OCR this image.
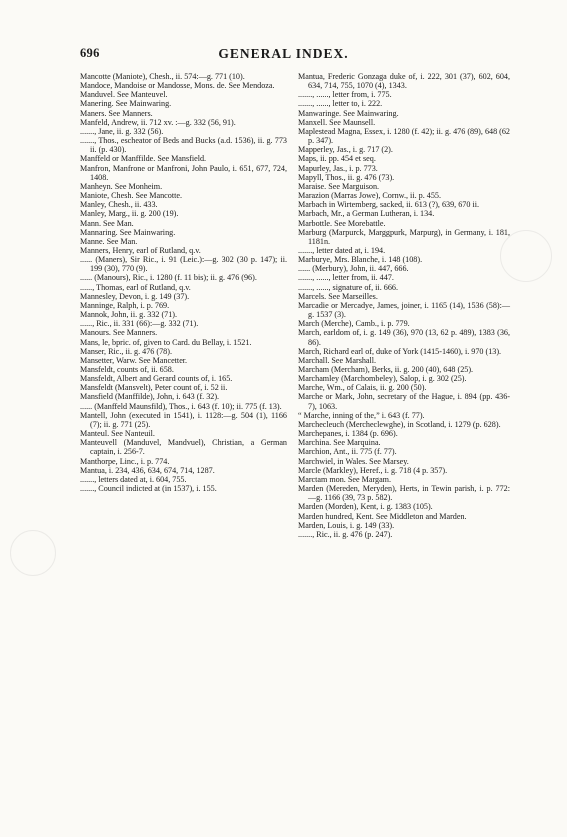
696	GENERAL INDEX.
Mancotte (Maniote), Chesh., ii. 574:—g. 771 (10).
Mandoce, Mandoise or Mandosse, Mons. de. See Mendoza.
Manduvel. See Manteuvel.
Manering. See Mainwaring.
Maners. See Manners.
Manfeld, Andrew, ii. 712 xv. :—g. 332 (56, 91).
......., Jane, ii. g. 332 (56).
......., Thos., escheator of Beds and Bucks (a.d. 1536), ii. g. 773 ii. (p. 430).
Manffeld or Manffilde. See Mansfield.
Manfron, Manfrone or Manfroni, John Paulo, i. 651, 677, 724, 1408.
Manheyn. See Monheim.
Maniote, Chesh. See Mancotte.
Manley, Chesh., ii. 433.
Manley, Marg., ii. g. 200 (19).
Mann. See Man.
Mannaring. See Mainwaring.
Manne. See Man.
Manners, Henry, earl of Rutland, q.v.
...... (Maners), Sir Ric., i. 91 (Leic.):—g. 302 (30 p. 147); ii. 199 (30), 770 (9).
...... (Manours), Ric., i. 1280 (f. 11 bis); ii. g. 476 (96).
......, Thomas, earl of Rutland, q.v.
Mannesley, Devon, i. g. 149 (37).
Manninge, Ralph, i. p. 769.
Mannok, John, ii. g. 332 (71).
......, Ric., ii. 331 (66):—g. 332 (71).
Manours. See Manners.
Mans, le, bpric. of, given to Card. du Bellay, i. 1521.
Manser, Ric., ii. g. 476 (78).
Mansetter, Warw. See Mancetter.
Mansfeldt, counts of, ii. 658.
Mansfeldt, Albert and Gerard counts of, i. 165.
Mansfeldt (Mansvelt), Peter count of, i. 52 ii.
Mansfield (Manffilde), John, i. 643 (f. 32).
...... (Manffeld Maunsfild), Thos., i. 643 (f. 10); ii. 775 (f. 13).
Mantell, John (executed in 1541), i. 1128:—g. 504 (1), 1166 (7); ii. g. 771 (25).
Manteul. See Nanteuil.
Manteuvell (Manduvel, Mandvuel), Christian, a German captain, i. 256-7.
Manthorpe, Linc., i. p. 774.
Mantua, i. 234, 436, 634, 674, 714, 1287.
......., letters dated at, i. 604, 755.
......., Council indicted at (in 1537), i. 155.
Mantua, Frederic Gonzaga duke of, i. 222, 301 (37), 602, 604, 634, 714, 755, 1070 (4), 1343.
......., ......, letter from, i. 775.
......., ......, letter to, i. 222.
Manwaringe. See Mainwaring.
Manxell. See Maunsell.
Maplestead Magna, Essex, i. 1280 (f. 42); ii. g. 476 (89), 648 (62 p. 347).
Mapperley, Jas., i. g. 717 (2).
Maps, ii. pp. 454 et seq.
Mapurley, Jas., i. p. 773.
Mapyll, Thos., ii. g. 476 (73).
Maraise. See Marguison.
Marazion (Marras Jowe), Cornw., ii. p. 455.
Marbach in Wirtemberg, sacked, ii. 613 (?), 639, 670 ii.
Marbach, Mr., a German Lutheran, i. 134.
Marbottle. See Morebattle.
Marburg (Marpurck, Marggpurk, Marpurg), in Germany, i. 181, 1181n.
......., letter dated at, i. 194.
Marburye, Mrs. Blanche, i. 148 (108).
...... (Merbury), John, ii. 447, 666.
......., ......, letter from, ii. 447.
......., ......, signature of, ii. 666.
Marcels. See Marseilles.
Marcadie or Mercadye, James, joiner, i. 1165 (14), 1536 (58):—g. 1537 (3).
March (Merche), Camb., i. p. 779.
March, earldom of, i. g. 149 (36), 970 (13, 62 p. 489), 1383 (36, 86).
March, Richard earl of, duke of York (1415-1460), i. 970 (13).
Marchall. See Marshall.
Marcham (Mercham), Berks, ii. g. 200 (40), 648 (25).
Marchamley (Marchombeley), Salop, i. g. 302 (25).
Marche, Wm., of Calais, ii. g. 200 (50).
Marche or Mark, John, secretary of the Hague, i. 894 (pp. 436-7), 1063.
“ Marche, inning of the,” i. 643 (f. 77).
Marchecleuch (Mercheclewghe), in Scotland, i. 1279 (p. 628).
Marchepanes, i. 1384 (p. 696).
Marchina. See Marquina.
Marchion, Ant., ii. 775 (f. 77).
Marchwiel, in Wales. See Marsey.
Marcle (Markley), Heref., i. g. 718 (4 p. 357).
Marctam mon. See Margam.
Marden (Mereden, Meryden), Herts, in Tewin parish, i. p. 772:—g. 1166 (39, 73 p. 582).
Marden (Morden), Kent, i. g. 1383 (105).
Marden hundred, Kent. See Middleton and Marden.
Marden, Louis, i. g. 149 (33).
......., Ric., ii. g. 476 (p. 247).
